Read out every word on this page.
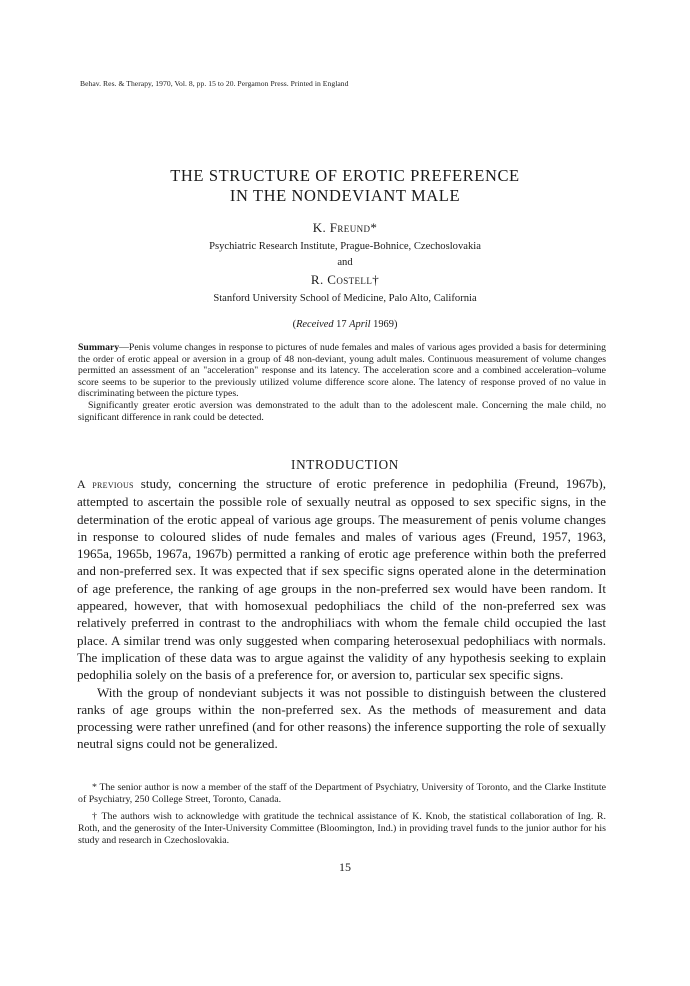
Behav. Res. & Therapy, 1970, Vol. 8, pp. 15 to 20. Pergamon Press. Printed in England
THE STRUCTURE OF EROTIC PREFERENCE
IN THE NONDEVIANT MALE
K. Freund*
Psychiatric Research Institute, Prague-Bohnice, Czechoslovakia
and
R. Costell†
Stanford University School of Medicine, Palo Alto, California
(Received 17 April 1969)

Summary—Penis volume changes in response to pictures of nude females and males of various ages provided a basis for determining the order of erotic appeal or aversion in a group of 48 non-deviant, young adult males. Continuous measurement of volume changes permitted an assessment of an "acceleration" response and its latency. The acceleration score and a combined acceleration–volume score seems to be superior to the previously utilized volume difference score alone. The latency of response proved of no value in discriminating between the picture types.

Significantly greater erotic aversion was demonstrated to the adult than to the adolescent male. Concerning the male child, no significant difference in rank could be detected.

INTRODUCTION

A previous study, concerning the structure of erotic preference in pedophilia (Freund, 1967b), attempted to ascertain the possible role of sexually neutral as opposed to sex specific signs, in the determination of the erotic appeal of various age groups. The measurement of penis volume changes in response to coloured slides of nude females and males of various ages (Freund, 1957, 1963, 1965a, 1965b, 1967a, 1967b) permitted a ranking of erotic age preference within both the preferred and non-preferred sex. It was expected that if sex specific signs operated alone in the determination of age preference, the ranking of age groups in the non-preferred sex would have been random. It appeared, however, that with homosexual pedophiliacs the child of the non-preferred sex was relatively preferred in contrast to the androphiliacs with whom the female child occupied the last place. A similar trend was only suggested when comparing heterosexual pedophiliacs with normals. The implication of these data was to argue against the validity of any hypothesis seeking to explain pedophilia solely on the basis of a preference for, or aversion to, particular sex specific signs.

With the group of nondeviant subjects it was not possible to distinguish between the clustered ranks of age groups within the non-preferred sex. As the methods of measurement and data processing were rather unrefined (and for other reasons) the inference supporting the role of sexually neutral signs could not be generalized.

* The senior author is now a member of the staff of the Department of Psychiatry, University of Toronto, and the Clarke Institute of Psychiatry, 250 College Street, Toronto, Canada.

† The authors wish to acknowledge with gratitude the technical assistance of K. Knob, the statistical collaboration of Ing. R. Roth, and the generosity of the Inter-University Committee (Bloomington, Ind.) in providing travel funds to the junior author for his study and research in Czechoslovakia.

15
